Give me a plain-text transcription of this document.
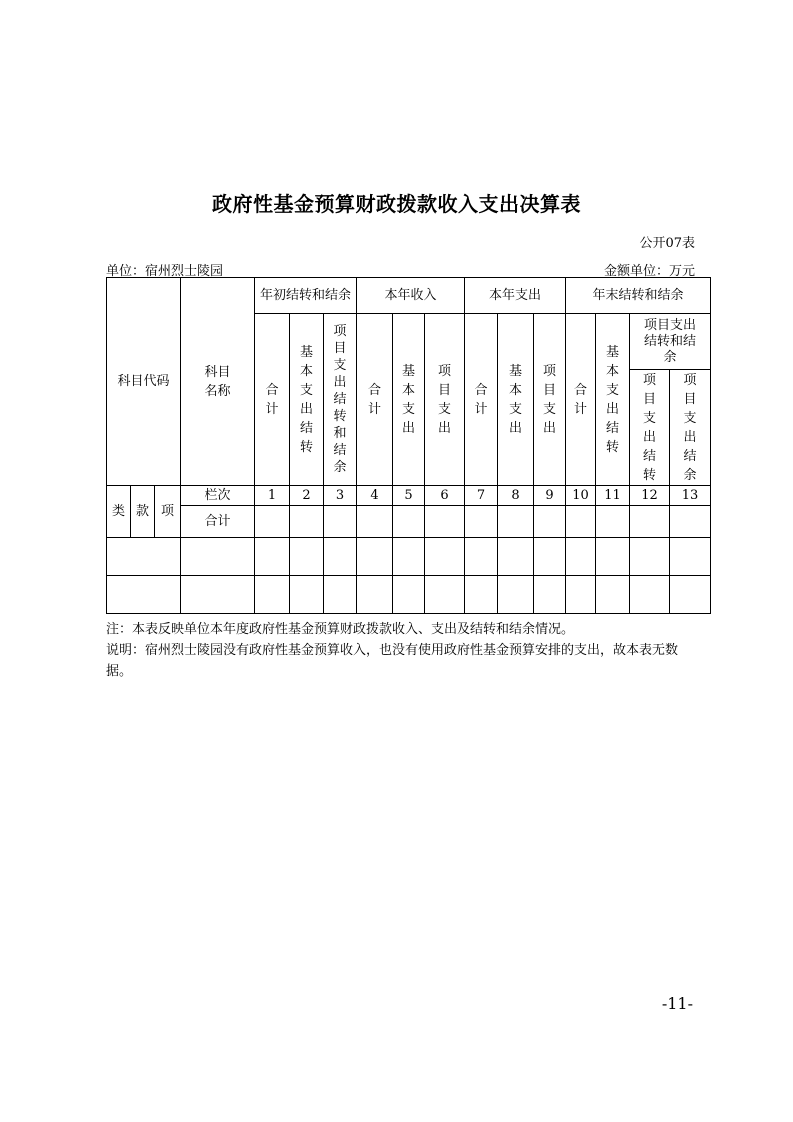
政府性基金预算财政拨款收入支出决算表
公开07表
单位：宿州烈士陵园	金额单位：万元
科目代码			科目名称	年初结转和结余			本年收入			本年支出			年末结转和结余			
				合计	基本支出结转	项目支出结转和结余	合计	基本支出	项目支出	合计	基本支出	项目支出	合计	基本支出结转	项目支出结转和结余	
															项目支出结转	项目支出结余
类	款	项	栏次	1	2	3	4	5	6	7	8	9	10	11	12	13
			合计													

注：本表反映单位本年度政府性基金预算财政拨款收入、支出及结转和结余情况。
说明：宿州烈士陵园没有政府性基金预算收入，也没有使用政府性基金预算安排的支出，故本表无数据。
-11-
